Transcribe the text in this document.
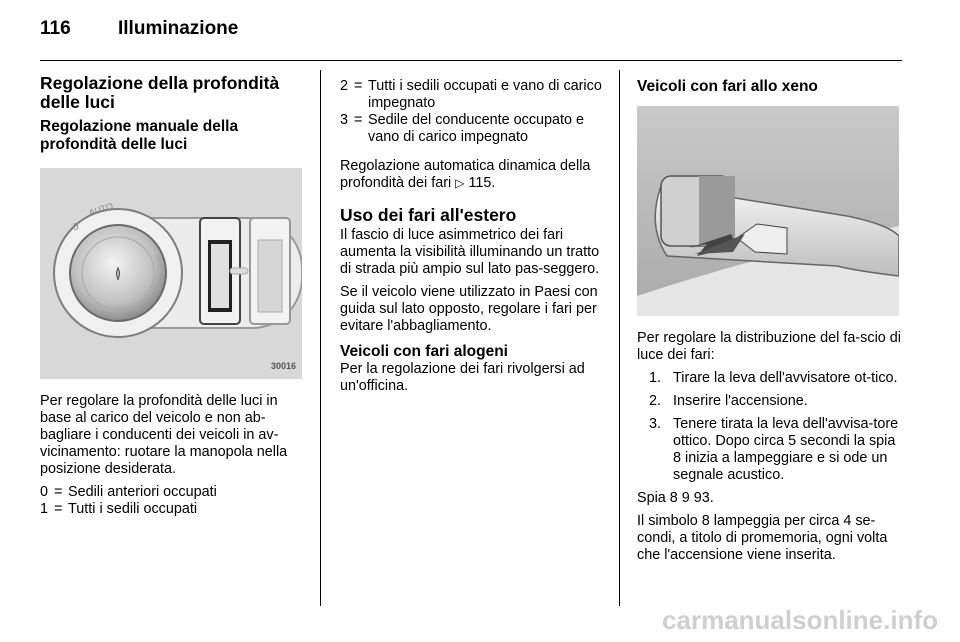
116 Illuminazione
Regolazione della profondità delle luci
Regolazione manuale della profondità delle luci
≬
0
AUTO
30016

Per regolare la profondità delle luci in base al carico del veicolo e non ab-bagliare i conducenti dei veicoli in av-vicinamento: ruotare la manopola nella posizione desiderata.

0 = Sedili anteriori occupati
1 = Tutti i sedili occupati
2 = Tutti i sedili occupati e vano di carico impegnato
3 = Sedile del conducente occupato e vano di carico impegnato

Regolazione automatica dinamica della profondità dei fari ▷ 115.

Uso dei fari all'estero

Il fascio di luce asimmetrico dei fari aumenta la visibilità illuminando un tratto di strada più ampio sul lato pas-seggero.

Se il veicolo viene utilizzato in Paesi con guida sul lato opposto, regolare i fari per evitare l'abbagliamento.

Veicoli con fari alogeni

Per la regolazione dei fari rivolgersi ad un'officina.

Veicoli con fari allo xeno

Per regolare la distribuzione del fa-scio di luce dei fari:

1. Tirare la leva dell'avvisatore ot-tico.
2. Inserire l'accensione.
3. Tenere tirata la leva dell'avvisa-tore ottico. Dopo circa 5 secondi la spia 8 inizia a lampeggiare e si ode un segnale acustico.

Spia 8 9 93.

Il simbolo 8 lampeggia per circa 4 se-condi, a titolo di promemoria, ogni volta che l'accensione viene inserita.

carmanualsonline.info
